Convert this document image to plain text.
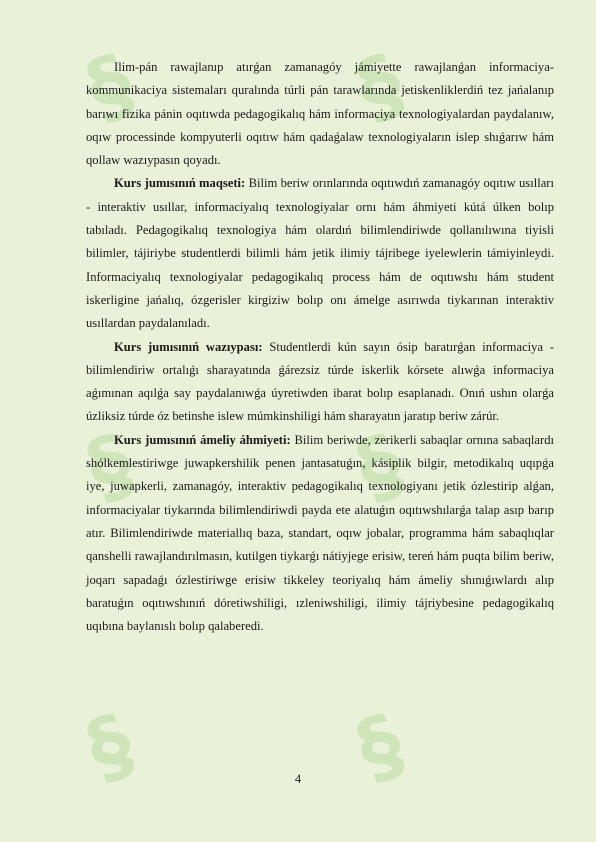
§	§
§	§
§	§

Ilim-pán rawajlanıp atırǵan zamanagóy jámiyette rawajlanǵan informaciya-kommunikaciya sistemaları quralında túrli pán tarawlarında jetiskenliklerdiń tez jańalanıp barıwı fizika pánin oqıtıwda pedagogikalıq hám informaciya texnologiyalardan paydalanıw, oqıw processinde kompyuterli oqıtıw hám qadaǵalaw texnologiyaların islep shıǵarıw hám qollaw wazıypasın qoyadı.

Kurs jumısınıń maqseti: Bilim beriw orınlarında oqıtıwdıń zamanagóy oqıtıw usılları - interaktiv usıllar, informaciyalıq texnologiyalar ornı hám áhmiyeti kútá úlken bolıp tabıladı. Pedagogikalıq texnologiya hám olardıń bilimlendiriwde qollanılıwına tiyisli bilimler, tájiriybe studentlerdi bilimli hám jetik ilimiy tájribege iyelewlerin támiyinleydi. Informaciyalıq texnologiyalar pedagogikalıq process hám de oqıtıwshı hám student iskerligine jańalıq, ózgerisler kirgiziw bolıp onı ámelge asırıwda tiykarınan interaktiv usıllardan paydalanıladı.

Kurs jumısınıń wazıypası: Studentlerdi kún sayın ósip baratırǵan informaciya - bilimlendiriw ortalıǵı sharayatında ǵárezsiz túrde iskerlik kórsete alıwǵa informaciya aǵımınan aqılǵa say paydalanıwǵa úyretiwden ibarat bolıp esaplanadı. Onıń ushın olarǵa úzliksiz túrde óz betinshe islew múmkinshiligi hám sharayatın jaratıp beriw zárúr.

Kurs jumısınıń ámeliy áhmiyeti: Bilim beriwde, zerikerli sabaqlar ornına sabaqlardı shólkemlestiriwge juwapkershilik penen jantasatuǵın, kásiplik bilgir, metodikalıq uqıpǵa iye, juwapkerli, zamanagóy, interaktiv pedagogikalıq texnologiyanı jetik ózlestirip alǵan, informaciyalar tiykarında bilimlendiriwdi payda ete alatuǵın oqıtıwshılarǵa talap asıp barıp atır. Bilimlendiriwde materiallıq baza, standart, oqıw jobalar, programma hám sabaqlıqlar qanshelli rawajlandırılmasın, kutilgen tiykarǵı nátiyjege erisiw, tereń hám puqta bilim beriw, joqarı sapadaǵı ózlestiriwge erisiw tikkeley teoriyalıq hám ámeliy shınıǵıwlardı alıp baratuǵın oqıtıwshınıń dóretiwshiligi, ızleniwshiligi, ilimiy tájriybesine pedagogikalıq uqıbına baylanıslı bolıp qalaberedi.

4
